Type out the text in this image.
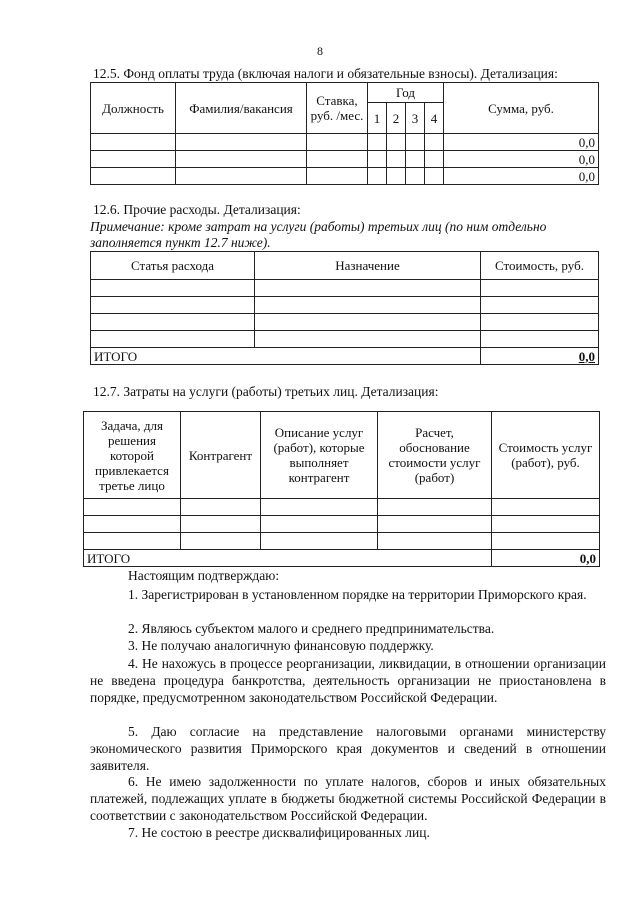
8
12.5. Фонд оплаты труда (включая налоги и обязательные взносы). Детализация:
Должность	Фамилия/вакансия	Ставка, руб. /мес.	Год				Сумма, руб.
			1	2	3	4	
							0,0
							0,0
							0,0
12.6. Прочие расходы. Детализация:
Примечание: кроме затрат на услуги (работы) третьих лиц (по ним отдельно
заполняется пункт 12.7 ниже).
Статья расхода	Назначение	Стоимость, руб.

ИТОГО		0,0
12.7. Затраты на услуги (работы) третьих лиц. Детализация:
Задача, для решения которой привлекается третье лицо	Контрагент	Описание услуг (работ), которые выполняет контрагент	Расчет, обоснование стоимости услуг (работ)	Стоимость услуг (работ), руб.

ИТОГО				0,0
Настоящим подтверждаю:
1. Зарегистрирован в установленном порядке на территории Приморского края.
2. Являюсь субъектом малого и среднего предпринимательства.
3. Не получаю аналогичную финансовую поддержку.
4. Не нахожусь в процессе реорганизации, ликвидации, в отношении организации не введена процедура банкротства, деятельность организации не приостановлена в порядке, предусмотренном законодательством Российской Федерации.
5. Даю согласие на представление налоговыми органами министерству экономического развития Приморского края документов и сведений в отношении заявителя.
6. Не имею задолженности по уплате налогов, сборов и иных обязательных платежей, подлежащих уплате в бюджеты бюджетной системы Российской Федерации в соответствии с законодательством Российской Федерации.
7. Не состою в реестре дисквалифицированных лиц.
